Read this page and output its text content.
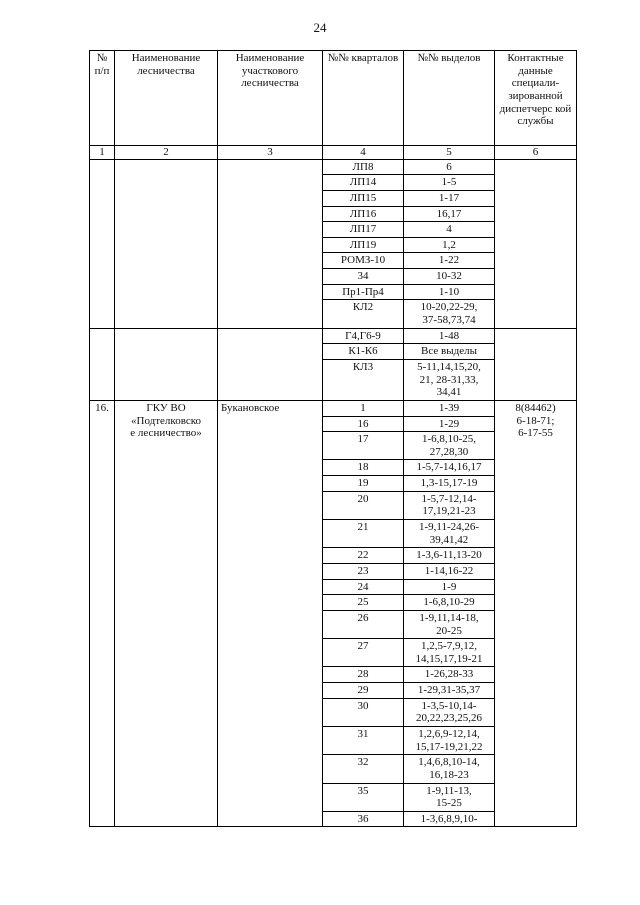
24
№ п/п	Наименование лесничества	Наименование участкового лесничества	№№ кварталов	№№ выделов	Контактные данные специали- зированной диспетчерс кой службы
1	2	3	4	5	6
			ЛП8	6	
			ЛП14	1-5	
			ЛП15	1-17	
			ЛП16	16,17	
			ЛП17	4	
			ЛП19	1,2	
			РОМЗ-10	1-22	
			34	10-32	
			Пр1-Пр4	1-10	
			КЛ2	10-20,22-29,
37-58,73,74	
			Г4,Г6-9	1-48	
			К1-К6	Все выделы	
			КЛ3	5-11,14,15,20,
21, 28-31,33,
34,41	
16.	ГКУ ВО
«Подтелковско
е лесничество»	Букановское	1	1-39	8(84462)
6-18-71;
6-17-55
			16	1-29	
			17	1-6,8,10-25,
27,28,30	
			18	1-5,7-14,16,17	
			19	1,3-15,17-19	
			20	1-5,7-12,14-
17,19,21-23	
			21	1-9,11-24,26-
39,41,42	
			22	1-3,6-11,13-20	
			23	1-14,16-22	
			24	1-9	
			25	1-6,8,10-29	
			26	1-9,11,14-18,
20-25	
			27	1,2,5-7,9,12,
14,15,17,19-21	
			28	1-26,28-33	
			29	1-29,31-35,37	
			30	1-3,5-10,14-
20,22,23,25,26	
			31	1,2,6,9-12,14,
15,17-19,21,22	
			32	1,4,6,8,10-14,
16,18-23	
			35	1-9,11-13,
15-25	
			36	1-3,6,8,9,10-	
